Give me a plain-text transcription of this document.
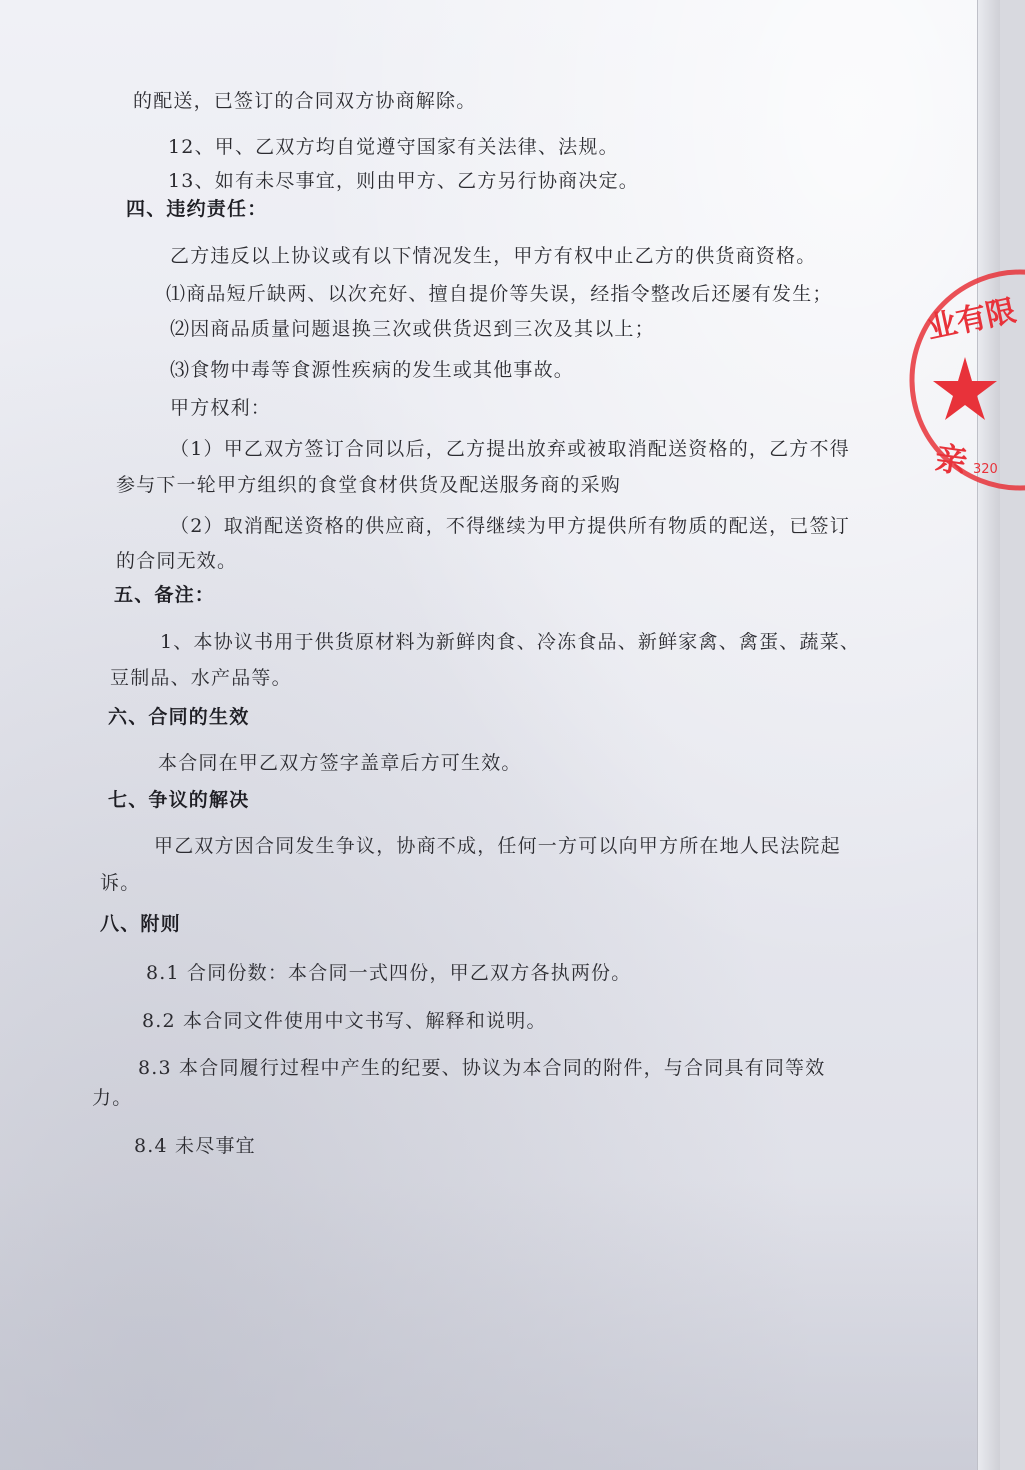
的配送，已签订的合同双方协商解除。
12、甲、乙双方均自觉遵守国家有关法律、法规。
13、如有未尽事宜，则由甲方、乙方另行协商决定。
四、违约责任：
乙方违反以上协议或有以下情况发生，甲方有权中止乙方的供货商资格。
⑴商品短斤缺两、以次充好、擅自提价等失误，经指令整改后还屡有发生；
⑵因商品质量问题退换三次或供货迟到三次及其以上；
⑶食物中毒等食源性疾病的发生或其他事故。
甲方权利：
（1）甲乙双方签订合同以后，乙方提出放弃或被取消配送资格的，乙方不得
参与下一轮甲方组织的食堂食材供货及配送服务商的采购
（2）取消配送资格的供应商，不得继续为甲方提供所有物质的配送，已签订
的合同无效。
五、备注：
1、本协议书用于供货原材料为新鲜肉食、冷冻食品、新鲜家禽、禽蛋、蔬菜、
豆制品、水产品等。
六、合同的生效
本合同在甲乙双方签字盖章后方可生效。
七、争议的解决
甲乙双方因合同发生争议，协商不成，任何一方可以向甲方所在地人民法院起
诉。
八、附则
8.1 合同份数：本合同一式四份，甲乙双方各执两份。
8.2 本合同文件使用中文书写、解释和说明。
8.3 本合同履行过程中产生的纪要、协议为本合同的附件，与合同具有同等效
力。
8.4 未尽事宜
业有限
亲 320
